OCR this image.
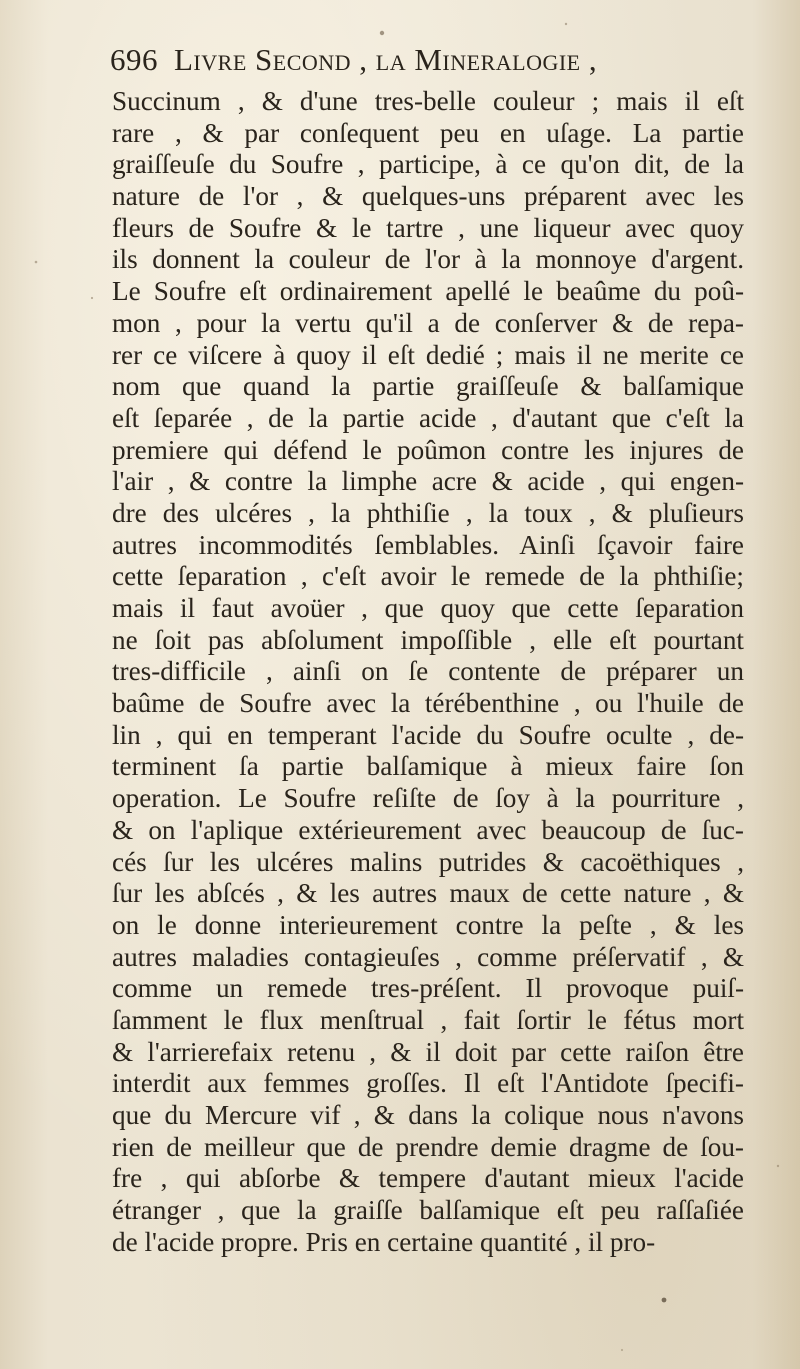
696 Livre Second , la Mineralogie ,
Succinum , & d'une tres-belle couleur ; mais il eſt
rare , & par conſequent peu en uſage. La partie
graiſſeuſe du Soufre , participe, à ce qu'on dit, de la
nature de l'or , & quelques-uns préparent avec les
fleurs de Soufre & le tartre , une liqueur avec quoy
ils donnent la couleur de l'or à la monnoye d'argent.
Le Soufre eſt ordinairement apellé le beaûme du poû-
mon , pour la vertu qu'il a de conſerver & de repa-
rer ce viſcere à quoy il eſt dedié ; mais il ne merite ce
nom que quand la partie graiſſeuſe & balſamique
eſt ſeparée , de la partie acide , d'autant que c'eſt la
premiere qui défend le poûmon contre les injures de
l'air , & contre la limphe acre & acide , qui engen-
dre des ulcéres , la phthiſie , la toux , & pluſieurs
autres incommodités ſemblables. Ainſi ſçavoir faire
cette ſeparation , c'eſt avoir le remede de la phthiſie;
mais il faut avoüer , que quoy que cette ſeparation
ne ſoit pas abſolument impoſſible , elle eſt pourtant
tres-difficile , ainſi on ſe contente de préparer un
baûme de Soufre avec la térébenthine , ou l'huile de
lin , qui en temperant l'acide du Soufre oculte , de-
terminent ſa partie balſamique à mieux faire ſon
operation. Le Soufre reſiſte de ſoy à la pourriture ,
& on l'aplique extérieurement avec beaucoup de ſuc-
cés ſur les ulcéres malins putrides & cacoëthiques ,
ſur les abſcés , & les autres maux de cette nature , &
on le donne interieurement contre la peſte , & les
autres maladies contagieuſes , comme préſervatif , &
comme un remede tres-préſent. Il provoque puiſ-
ſamment le flux menſtrual , fait ſortir le fétus mort
& l'arrierefaix retenu , & il doit par cette raiſon être
interdit aux femmes groſſes. Il eſt l'Antidote ſpecifi-
que du Mercure vif , & dans la colique nous n'avons
rien de meilleur que de prendre demie dragme de ſou-
fre , qui abſorbe & tempere d'autant mieux l'acide
étranger , que la graiſſe balſamique eſt peu raſſaſiée
de l'acide propre. Pris en certaine quantité , il pro-
